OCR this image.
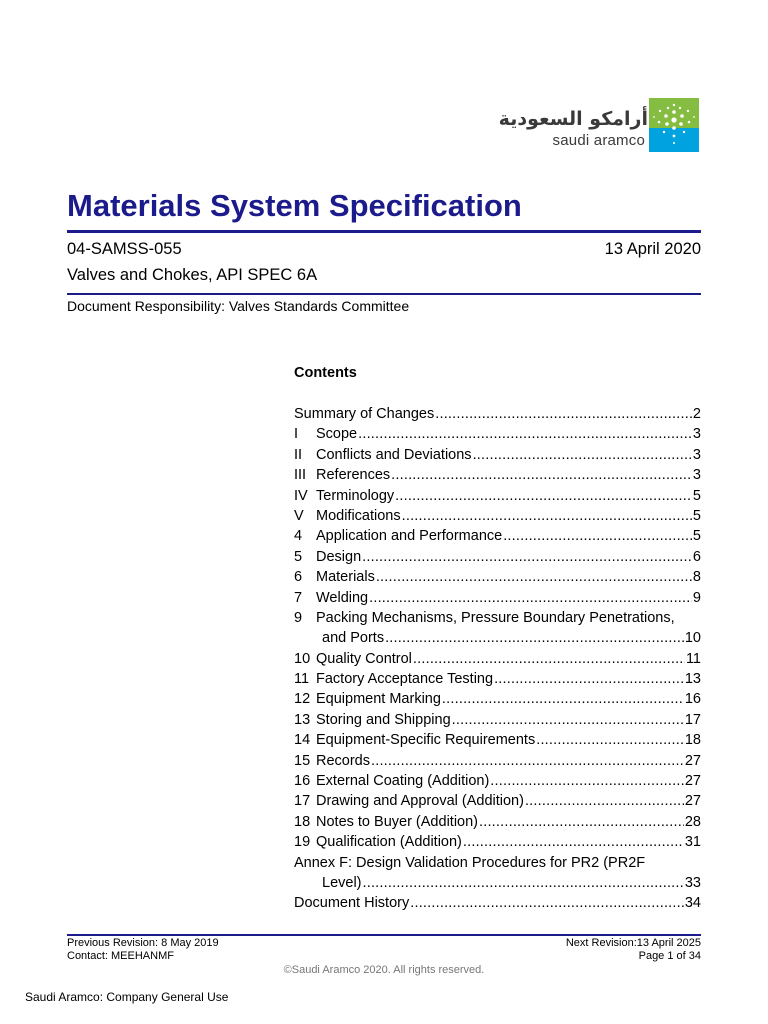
أرامكو السعودية
saudi aramco
Materials System Specification
04-SAMSS-055	13 April 2020
Valves and Chokes, API SPEC 6A
Document Responsibility: Valves Standards Committee
Contents
Summary of Changes .....	2
I	Scope .....	3
II Conflicts and Deviations .....	3
III References .....	3
IV Terminology .....	5
V Modifications .....	5
4 Application and Performance .....	5
5 Design .....	6
6 Materials .....	8
7 Welding .....	9
9 Packing Mechanisms, Pressure Boundary Penetrations,
and Ports .....	10
10 Quality Control .....	11
11 Factory Acceptance Testing .....	13
12 Equipment Marking .....	16
13 Storing and Shipping .....	17
14 Equipment-Specific Requirements .....	18
15 Records .....	27
16 External Coating (Addition) .....	27
17 Drawing and Approval (Addition) .....	27
18 Notes to Buyer (Addition) .....	28
19 Qualification (Addition) .....	31
Annex F: Design Validation Procedures for PR2 (PR2F
Level) .....	33
Document History .....	34
Previous Revision: 8 May 2019
Contact: MEEHANMF
Next Revision:13 April 2025
Page 1 of 34
©Saudi Aramco 2020. All rights reserved.
Saudi Aramco: Company General Use
